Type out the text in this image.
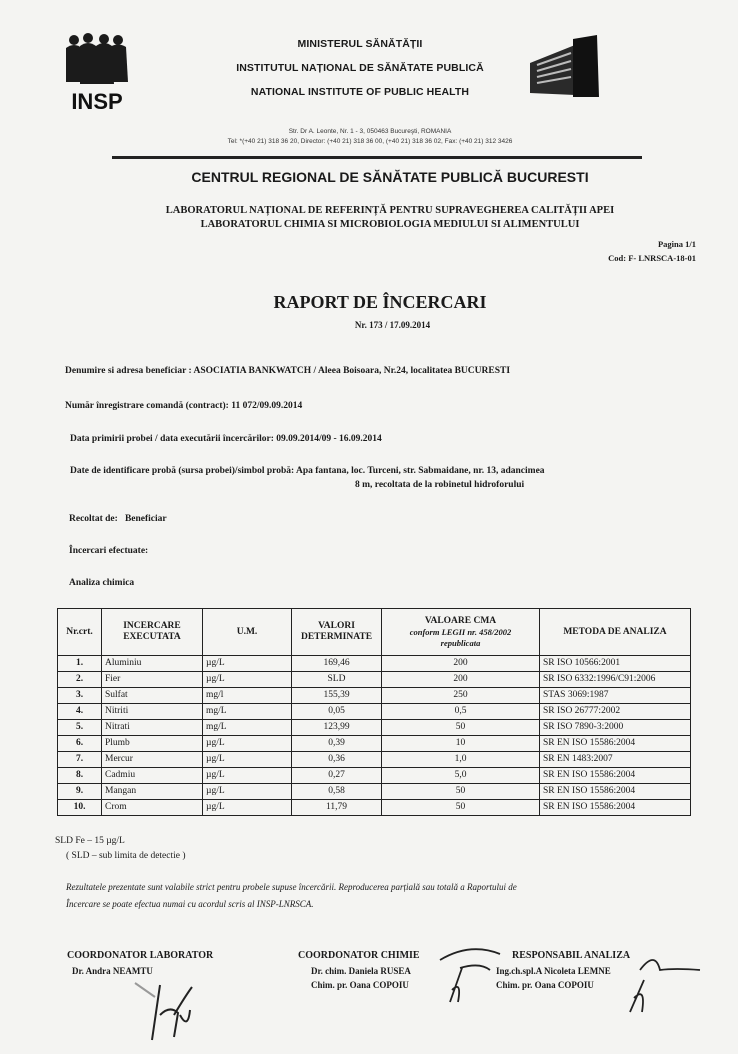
INSP
MINISTERUL SĂNĂTĂȚII
INSTITUTUL NAȚIONAL DE SĂNĂTATE PUBLICĂ
NATIONAL INSTITUTE OF PUBLIC HEALTH
Str. Dr A. Leonte, Nr. 1 - 3, 050463 Bucureşti, ROMANIA
Tel: *(+40 21) 318 36 20, Director: (+40 21) 318 36 00, (+40 21) 318 36 02, Fax: (+40 21) 312 3426
CENTRUL REGIONAL DE SĂNĂTATE PUBLICĂ BUCURESTI
LABORATORUL NAȚIONAL DE REFERINȚĂ PENTRU SUPRAVEGHEREA CALITĂȚII APEI
LABORATORUL CHIMIA SI MICROBIOLOGIA MEDIULUI SI ALIMENTULUI
Pagina 1/1
Cod: F- LNRSCA-18-01
RAPORT DE ÎNCERCARI
Nr. 173 / 17.09.2014
Denumire si adresa beneficiar : ASOCIATIA BANKWATCH / Aleea Boisoara, Nr.24, localitatea BUCURESTI
Număr înregistrare comandă (contract): 11 072/09.09.2014
Data primirii probei / data executării încercărilor: 09.09.2014/09 - 16.09.2014
Date de identificare probă (sursa probei)/simbol probă: Apa fantana, loc. Turceni, str. Sabmaidane, nr. 13, adancimea
8 m, recoltata de la robinetul hidroforului
Recoltat de: Beneficiar
Încercari efectuate:
Analiza chimica
Nr.crt.	INCERCARE EXECUTATA	U.M.	VALORI DETERMINATE	VALOARE CMA
conform LEGII nr. 458/2002
republicata	METODA DE ANALIZA
1.	Aluminiu	µg/L	169,46	200	SR ISO 10566:2001
2.	Fier	µg/L	SLD	200	SR ISO 6332:1996/C91:2006
3.	Sulfat	mg/l	155,39	250	STAS 3069:1987
4.	Nitriti	mg/L	0,05	0,5	SR ISO 26777:2002
5.	Nitrati	mg/L	123,99	50	SR ISO 7890-3:2000
6.	Plumb	µg/L	0,39	10	SR EN ISO 15586:2004
7.	Mercur	µg/L	0,36	1,0	SR EN 1483:2007
8.	Cadmiu	µg/L	0,27	5,0	SR EN ISO 15586:2004
9.	Mangan	µg/L	0,58	50	SR EN ISO 15586:2004
10.	Crom	µg/L	11,79	50	SR EN ISO 15586:2004
SLD Fe – 15 µg/L
( SLD – sub limita de detectie )
Rezultatele prezentate sunt valabile strict pentru probele supuse încercării. Reproducerea parțială sau totală a Raportului de
Încercare se poate efectua numai cu acordul scris al INSP-LNRSCA.
COORDONATOR LABORATOR
Dr. Andra NEAMTU
COORDONATOR CHIMIE
Dr. chim. Daniela RUSEA
Chim. pr. Oana COPOIU
RESPONSABIL ANALIZA
Ing.ch.spl.A Nicoleta LEMNE
Chim. pr. Oana COPOIU
